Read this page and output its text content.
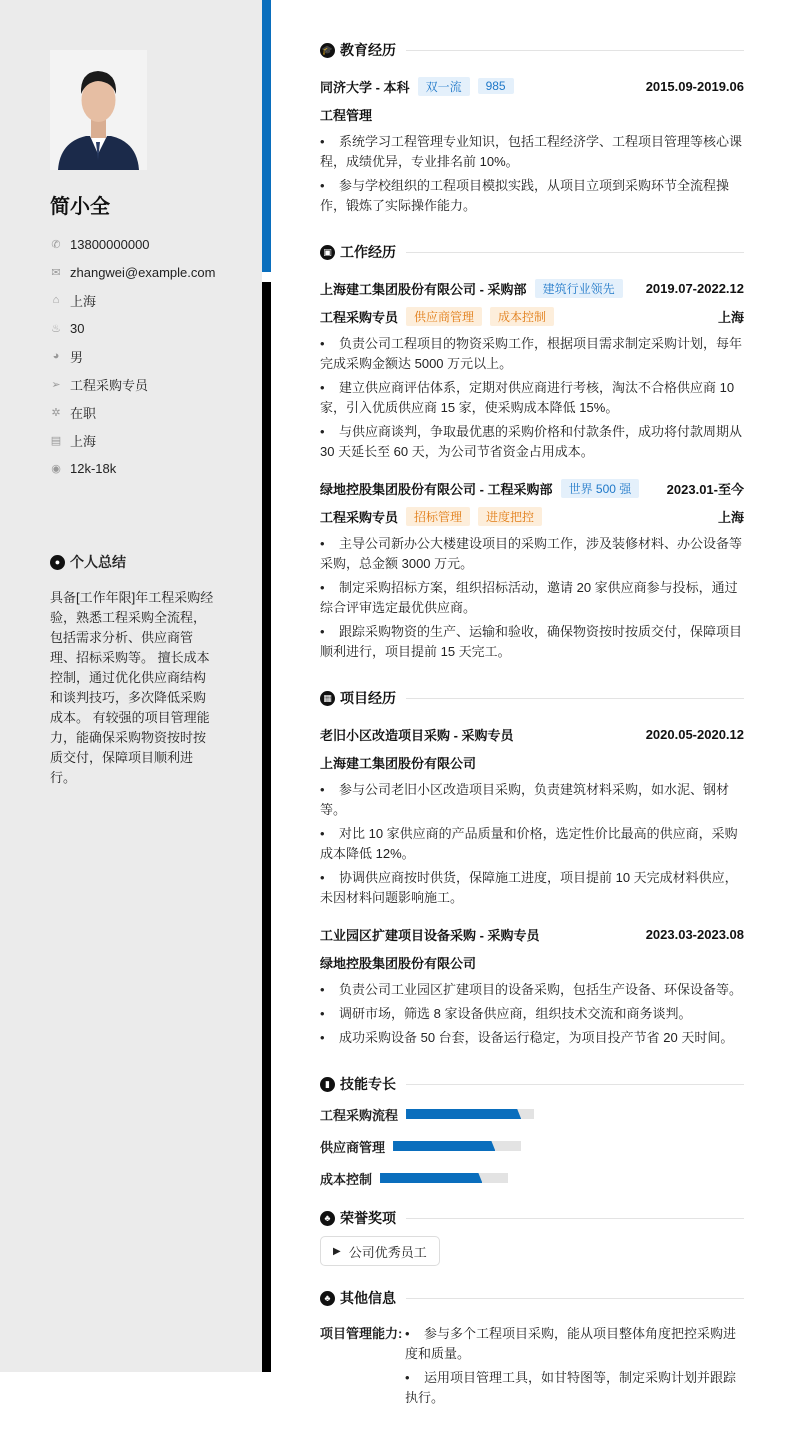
简小全
✆ 13800000000
✉ zhangwei@example.com
⌂ 上海
♨ 30
◕ 男
➢ 工程采购专员
✲ 在职
▤ 上海
◉ 12k-18k
● 个人总结
具备[工作年限]年工程采购经验，熟悉工程采购全流程，包括需求分析、供应商管理、招标采购等。 擅长成本控制，通过优化供应商结构和谈判技巧，多次降低采购成本。 有较强的项目管理能力，能确保采购物资按时按质交付，保障项目顺利进行。
🎓 教育经历
同济大学 - 本科	双一流	985	2015.09-2019.06
工程管理
•    系统学习工程管理专业知识，包括工程经济学、工程项目管理等核心课程，成绩优异，专业排名前 10%。
•    参与学校组织的工程项目模拟实践，从项目立项到采购环节全流程操作，锻炼了实际操作能力。
▣ 工作经历
上海建工集团股份有限公司 - 采购部	建筑行业领先	2019.07-2022.12
工程采购专员	供应商管理	成本控制	上海
•    负责公司工程项目的物资采购工作，根据项目需求制定采购计划，每年完成采购金额达 5000 万元以上。
•    建立供应商评估体系，定期对供应商进行考核，淘汰不合格供应商 10 家，引入优质供应商 15 家，使采购成本降低 15%。
•    与供应商谈判，争取最优惠的采购价格和付款条件，成功将付款周期从 30 天延长至 60 天，为公司节省资金占用成本。
绿地控股集团股份有限公司 - 工程采购部	世界 500 强	2023.01-至今
工程采购专员	招标管理	进度把控	上海
•    主导公司新办公大楼建设项目的采购工作，涉及装修材料、办公设备等采购，总金额 3000 万元。
•    制定采购招标方案，组织招标活动，邀请 20 家供应商参与投标，通过综合评审选定最优供应商。
•    跟踪采购物资的生产、运输和验收，确保物资按时按质交付，保障项目顺利进行，项目提前 15 天完工。
▦ 项目经历
老旧小区改造项目采购 - 采购专员	2020.05-2020.12
上海建工集团股份有限公司
•    参与公司老旧小区改造项目采购，负责建筑材料采购，如水泥、钢材等。
•    对比 10 家供应商的产品质量和价格，选定性价比最高的供应商，采购成本降低 12%。
•    协调供应商按时供货，保障施工进度，项目提前 10 天完成材料供应，未因材料问题影响施工。
工业园区扩建项目设备采购 - 采购专员	2023.03-2023.08
绿地控股集团股份有限公司
•    负责公司工业园区扩建项目的设备采购，包括生产设备、环保设备等。
•    调研市场，筛选 8 家设备供应商，组织技术交流和商务谈判。
•    成功采购设备 50 台套，设备运行稳定，为项目投产节省 20 天时间。
▮ 技能专长
工程采购流程
供应商管理
成本控制
♣ 荣誉奖项
▶ 公司优秀员工
♣ 其他信息
项目管理能力: •    参与多个工程项目采购，能从项目整体角度把控采购进度和质量。
•    运用项目管理工具，如甘特图等，制定采购计划并跟踪执行。
